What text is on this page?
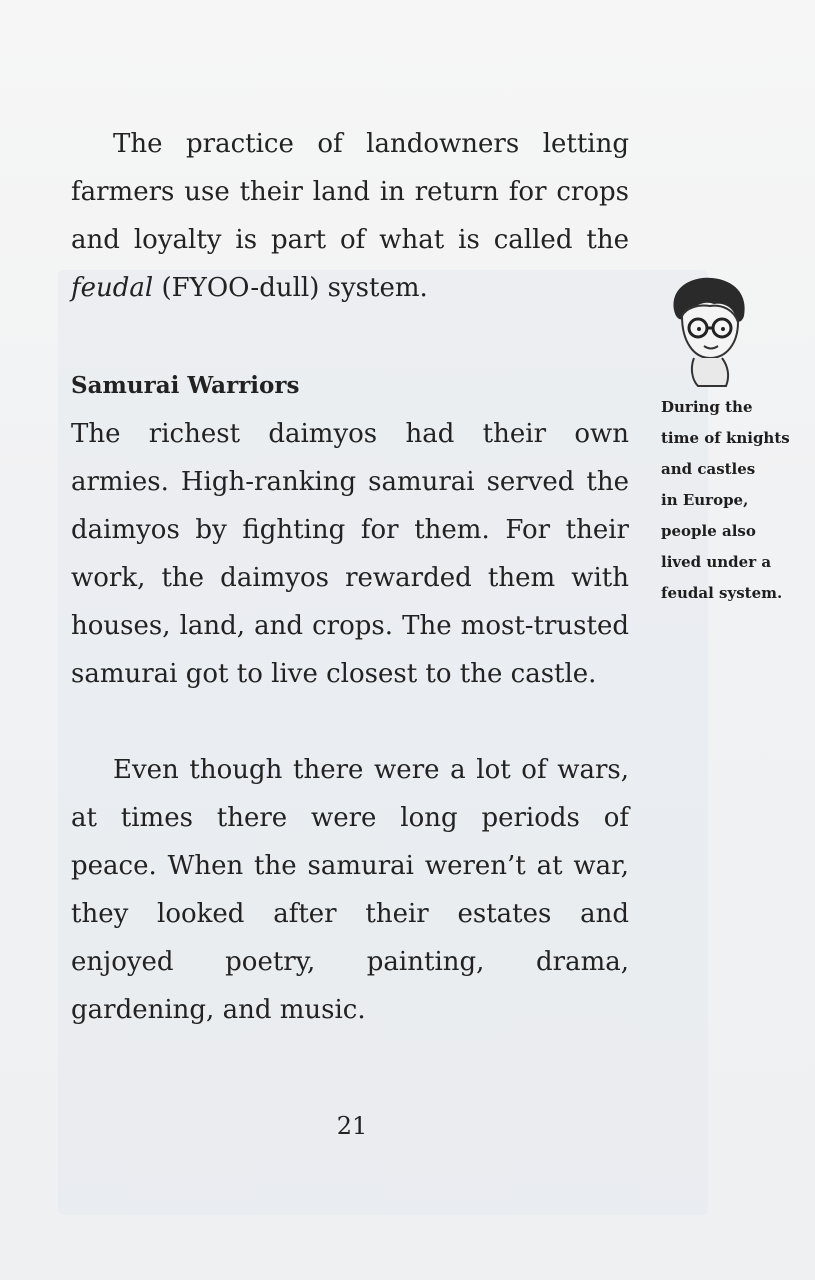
The practice of landowners letting farmers use their land in return for crops and loyalty is part of what is called the feudal (FYOO-dull) system.

Samurai Warriors

The richest daimyos had their own armies. High-ranking samurai served the daimyos by fighting for them. For their work, the daimyos rewarded them with houses, land, and crops. The most-trusted samurai got to live closest to the castle.

Even though there were a lot of wars, at times there were long periods of peace. When the samurai weren’t at war, they looked after their estates and enjoyed poetry, painting, drama, gardening, and music.

During the
time of knights
and castles
in Europe,
people also
lived under a
feudal system.

21
